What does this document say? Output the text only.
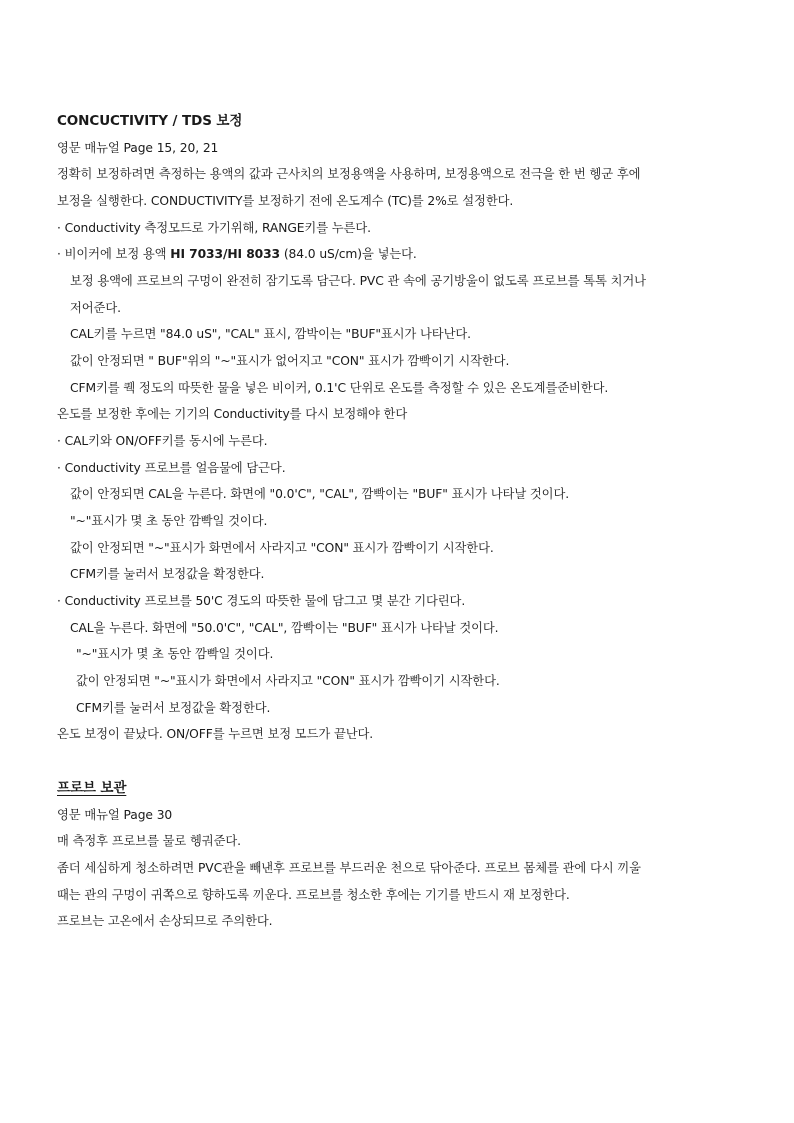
CONCUCTIVITY / TDS 보정
영문 매뉴얼 Page 15, 20, 21
정확히 보정하려면 측정하는 용액의 값과 근사치의 보정용액을 사용하며, 보정용액으로 전극을 한 번 헹군 후에
보정을 실행한다. CONDUCTIVITY를 보정하기 전에 온도계수 (TC)를 2%로 설정한다.
· Conductivity 측정모드로 가기위해, RANGE키를 누른다.
· 비이커에 보정 용액 HI 7033/HI 8033 (84.0 uS/cm)을 넣는다.
보정 용액에 프로브의 구멍이 완전히 잠기도록 담근다. PVC 관 속에 공기방울이 없도록 프로브를 톡톡 치거나
저어준다.
CAL키를 누르면 "84.0 uS", "CAL" 표시, 깜박이는 "BUF"표시가 나타난다.
값이 안정되면 " BUF"위의 "~"표시가 없어지고 "CON" 표시가 깜빡이기 시작한다.
CFM키를 퀙 정도의 따뜻한 물을 넣은 비이커, 0.1'C 단위로 온도를 측정할 수 있은 온도계를준비한다.
온도를 보정한 후에는 기기의 Conductivity를 다시 보정해야 한다
· CAL키와 ON/OFF키를 동시에 누른다.
· Conductivity 프로브를 얼음물에 담근다.
값이 안정되면 CAL을 누른다. 화면에 "0.0'C", "CAL", 깜빡이는 "BUF" 표시가 나타날 것이다.
"~"표시가 몇 초 동안 깜빡일 것이다.
값이 안정되면 "~"표시가 화면에서 사라지고 "CON" 표시가 깜빡이기 시작한다.
CFM키를 눌러서 보정값을 확정한다.
· Conductivity 프로브를 50'C 경도의 따뜻한 물에 담그고 몇 분간 기다린다.
CAL을 누른다. 화면에 "50.0'C", "CAL", 깜빡이는 "BUF" 표시가 나타날 것이다.
"~"표시가 몇 초 동안 깜빡일 것이다.
값이 안정되면 "~"표시가 화면에서 사라지고 "CON" 표시가 깜빡이기 시작한다.
CFM키를 눌러서 보정값을 확정한다.
온도 보정이 끝났다. ON/OFF를 누르면 보정 모드가 끝난다.
프로브 보관
영문 매뉴얼 Page 30
매 측정후 프로브를 물로 헹궈준다.
좀더 세심하게 청소하려면 PVC관을 빼낸후 프로브를 부드러운 천으로 닦아준다. 프로브 몸체를 관에 다시 끼울
때는 관의 구멍이 귀쪽으로 향하도록 끼운다. 프로브를 청소한 후에는 기기를 반드시 재 보정한다.
프로브는 고온에서 손상되므로 주의한다.
